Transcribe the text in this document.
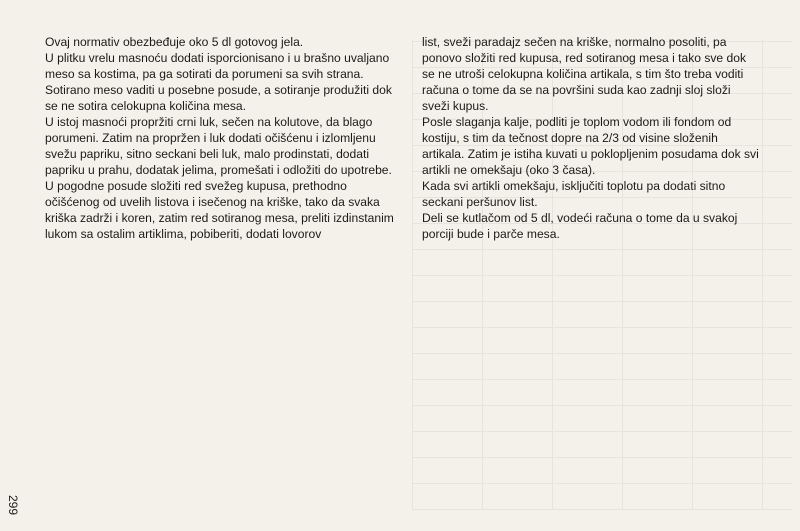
Ovaj normativ obezbeđuje oko 5 dl gotovog jela.

U plitku vrelu masnoću dodati isporcionisano i u brašno uvaljano meso sa kostima, pa ga sotirati da porumeni sa svih strana.

Sotirano meso vaditi u posebne posude, a sotiranje produžiti dok se ne sotira celokupna količina mesa.

U istoj masnoći propržiti crni luk, sečen na kolutove, da blago porumeni. Zatim na propržen i luk dodati očišćenu i izlomljenu svežu papriku, sitno seckani beli luk, malo prodinstati, dodati papriku u prahu, dodatak jelima, promešati i odložiti do upotrebe.

U pogodne posude složiti red svežeg kupusa, prethodno očišćenog od uvelih listova i isečenog na kriške, tako da svaka kriška zadrži i koren, zatim red sotiranog mesa, preliti izdinstanim lukom sa ostalim artiklima, pobiberiti, dodati lovorov

list, sveži paradajz sečen na kriške, normalno posoliti, pa ponovo složiti red kupusa, red sotiranog mesa i tako sve dok se ne utroši celokupna količina artikala, s tim što treba voditi računa o tome da se na površini suda kao zadnji sloj složi sveži kupus.

Posle slaganja kalje, podliti je toplom vodom ili fondom od kostiju, s tim da tečnost dopre na 2/3 od visine složenih artikala. Zatim je istiha kuvati u poklopljenim posudama dok svi artikli ne omekšaju (oko 3 časa).

Kada svi artikli omekšaju, isključiti toplotu pa dodati sitno seckani peršunov list.

Deli se kutlačom od 5 dl, vodeći računa o tome da u svakoj porciji bude i parče mesa.

299
